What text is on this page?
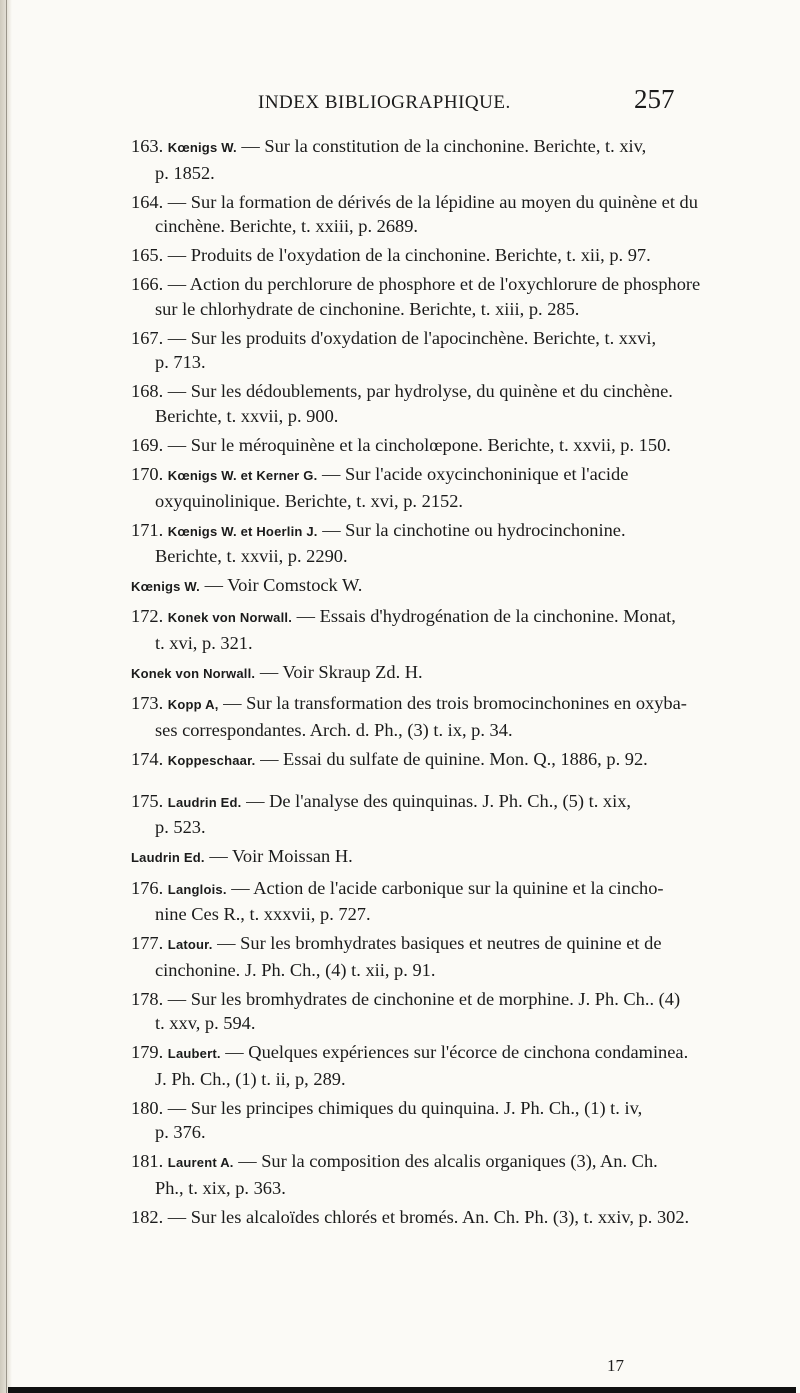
INDEX BIBLIOGRAPHIQUE.	257
163. Kœnigs W. — Sur la constitution de la cinchonine. Berichte, t. xiv,
p. 1852.
164. — Sur la formation de dérivés de la lépidine au moyen du quinène et du
cinchène. Berichte, t. xxiii, p. 2689.
165. — Produits de l'oxydation de la cinchonine. Berichte, t. xii, p. 97.
166. — Action du perchlorure de phosphore et de l'oxychlorure de phosphore
sur le chlorhydrate de cinchonine. Berichte, t. xiii, p. 285.
167. — Sur les produits d'oxydation de l'apocinchène. Berichte, t. xxvi,
p. 713.
168. — Sur les dédoublements, par hydrolyse, du quinène et du cinchène.
Berichte, t. xxvii, p. 900.
169. — Sur le méroquinène et la cincholœpone. Berichte, t. xxvii, p. 150.
170. Kœnigs W. et Kerner G. — Sur l'acide oxycinchoninique et l'acide
oxyquinolinique. Berichte, t. xvi, p. 2152.
171. Kœnigs W. et Hoerlin J. — Sur la cinchotine ou hydrocinchonine.
Berichte, t. xxvii, p. 2290.
Kœnigs W. — Voir Comstock W.
172. Konek von Norwall. — Essais d'hydrogénation de la cinchonine. Monat,
t. xvi, p. 321.
Konek von Norwall. — Voir Skraup Zd. H.
173. Kopp A, — Sur la transformation des trois bromocinchonines en oxyba-
ses correspondantes. Arch. d. Ph., (3) t. ix, p. 34.
174. Koppeschaar. — Essai du sulfate de quinine. Mon. Q., 1886, p. 92.
175. Laudrin Ed. — De l'analyse des quinquinas. J. Ph. Ch., (5) t. xix,
p. 523.
Laudrin Ed. — Voir Moissan H.
176. Langlois. — Action de l'acide carbonique sur la quinine et la cincho-
nine Ces R., t. xxxvii, p. 727.
177. Latour. — Sur les bromhydrates basiques et neutres de quinine et de
cinchonine. J. Ph. Ch., (4) t. xii, p. 91.
178. — Sur les bromhydrates de cinchonine et de morphine. J. Ph. Ch.. (4)
t. xxv, p. 594.
179. Laubert. — Quelques expériences sur l'écorce de cinchona condaminea.
J. Ph. Ch., (1) t. ii, p, 289.
180. — Sur les principes chimiques du quinquina. J. Ph. Ch., (1) t. iv,
p. 376.
181. Laurent A. — Sur la composition des alcalis organiques (3), An. Ch.
Ph., t. xix, p. 363.
182. — Sur les alcaloïdes chlorés et bromés. An. Ch. Ph. (3), t. xxiv, p. 302.
17
